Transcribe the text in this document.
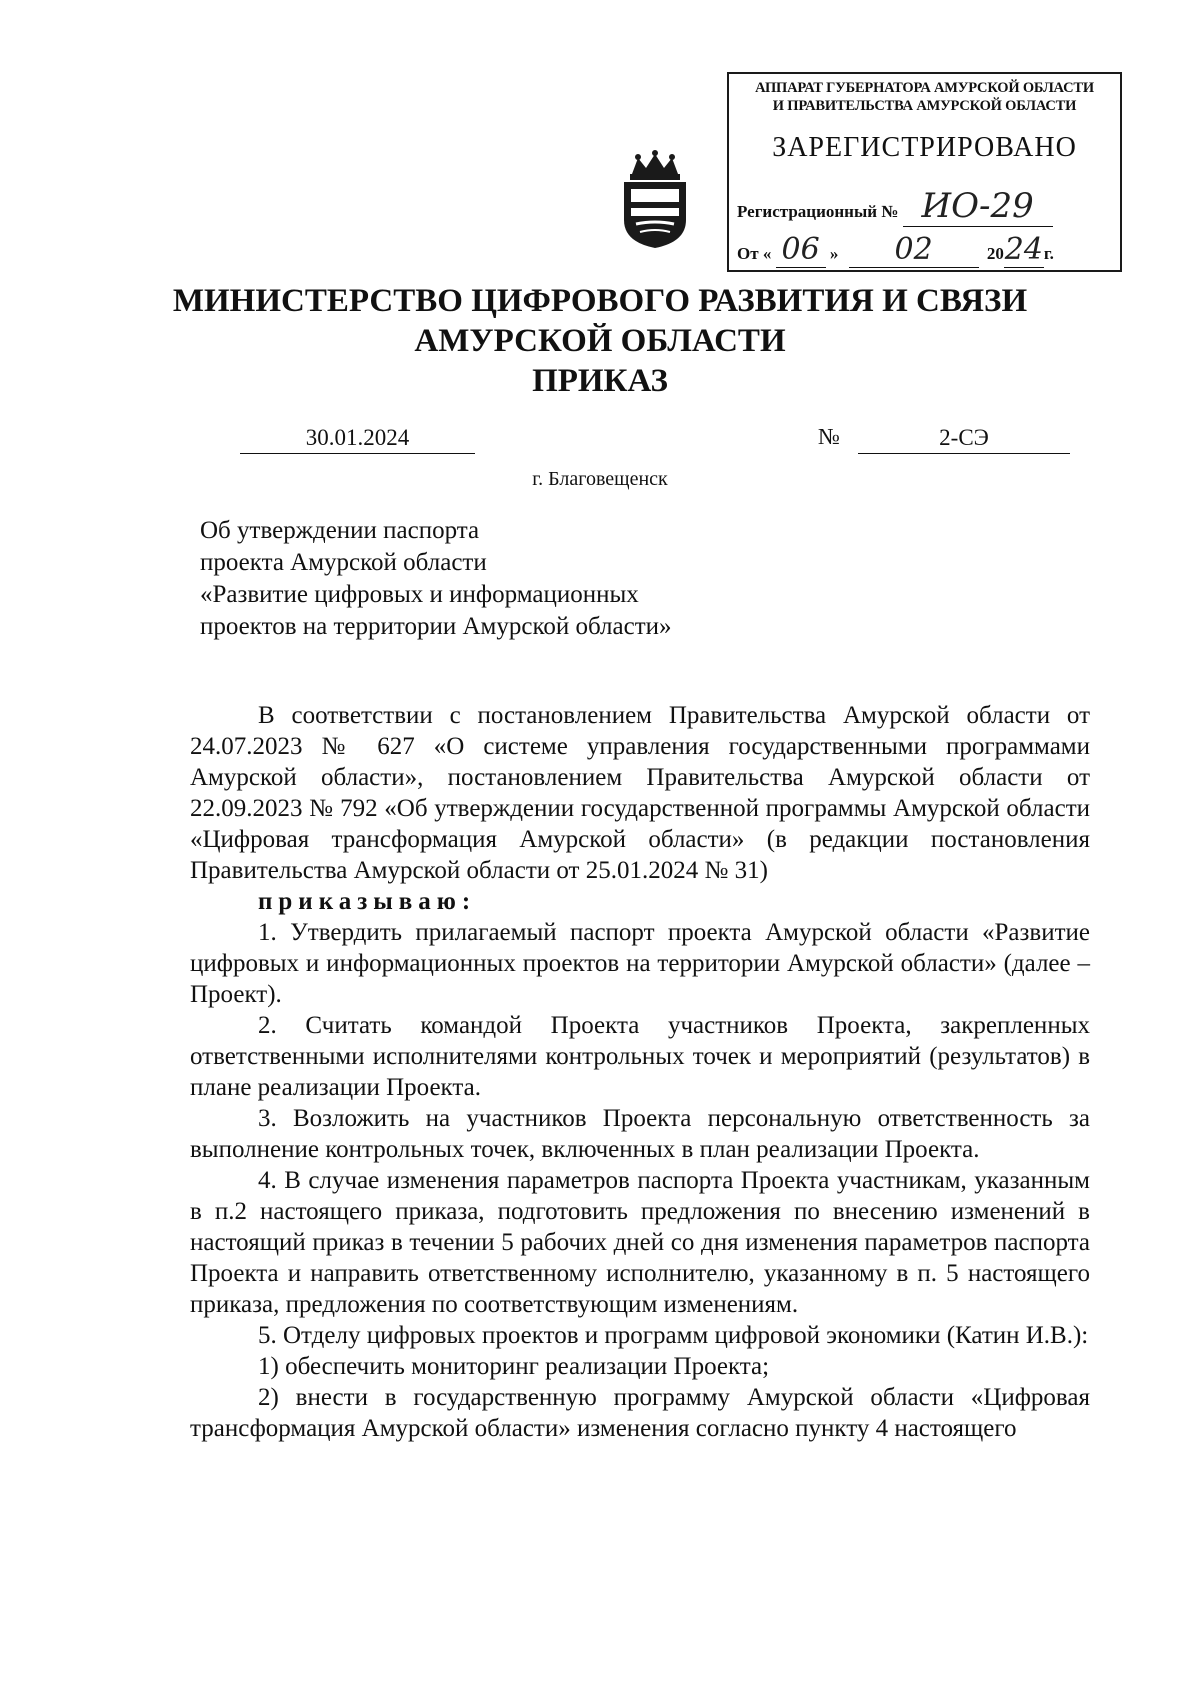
АППАРАТ ГУБЕРНАТОРА АМУРСКОЙ ОБЛАСТИ
И ПРАВИТЕЛЬСТВА АМУРСКОЙ ОБЛАСТИ
ЗАРЕГИСТРИРОВАНО
Регистрационный № ИО-29
От « 06 » 02	2024г.
МИНИСТЕРСТВО ЦИФРОВОГО РАЗВИТИЯ И СВЯЗИ
АМУРСКОЙ ОБЛАСТИ
ПРИКАЗ
30.01.2024	№	2-СЭ
г. Благовещенск
Об утверждении паспорта
проекта Амурской области
«Развитие цифровых и информационных
проектов на территории Амурской области»

В соответствии с постановлением Правительства Амурской области от 24.07.2023 № 627 «О системе управления государственными программами Амурской области», постановлением Правительства Амурской области от 22.09.2023 № 792 «Об утверждении государственной программы Амурской области «Цифровая трансформация Амурской области» (в редакции постановления Правительства Амурской области от 25.01.2024 № 31)

приказываю:

1. Утвердить прилагаемый паспорт проекта Амурской области «Развитие цифровых и информационных проектов на территории Амурской области» (далее – Проект).

2. Считать командой Проекта участников Проекта, закрепленных ответственными исполнителями контрольных точек и мероприятий (результатов) в плане реализации Проекта.

3. Возложить на участников Проекта персональную ответственность за выполнение контрольных точек, включенных в план реализации Проекта.

4. В случае изменения параметров паспорта Проекта участникам, указанным в п.2 настоящего приказа, подготовить предложения по внесению изменений в настоящий приказ в течении 5 рабочих дней со дня изменения параметров паспорта Проекта и направить ответственному исполнителю, указанному в п. 5 настоящего приказа, предложения по соответствующим изменениям.

5. Отделу цифровых проектов и программ цифровой экономики (Катин И.В.):

1) обеспечить мониторинг реализации Проекта;

2) внести в государственную программу Амурской области «Цифровая трансформация Амурской области» изменения согласно пункту 4 настоящего
